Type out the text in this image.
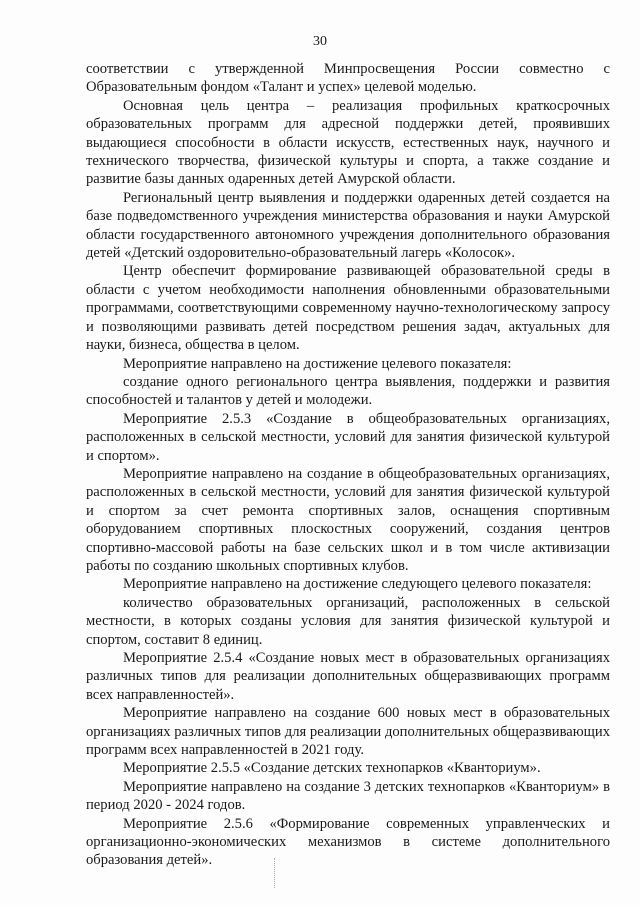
30

соответствии с утвержденной Минпросвещения России совместно с Образовательным фондом «Талант и успех» целевой моделью.

Основная цель центра – реализация профильных краткосрочных образовательных программ для адресной поддержки детей, проявивших выдающиеся способности в области искусств, естественных наук, научного и технического творчества, физической культуры и спорта, а также создание и развитие базы данных одаренных детей Амурской области.

Региональный центр выявления и поддержки одаренных детей создается на базе подведомственного учреждения министерства образования и науки Амурской области государственного автономного учреждения дополнительного образования детей «Детский оздоровительно-образовательный лагерь «Колосок».

Центр обеспечит формирование развивающей образовательной среды в области с учетом необходимости наполнения обновленными образовательными программами, соответствующими современному научно-технологическому запросу и позволяющими развивать детей посредством решения задач, актуальных для науки, бизнеса, общества в целом.

Мероприятие направлено на достижение целевого показателя:

создание одного регионального центра выявления, поддержки и развития способностей и талантов у детей и молодежи.

Мероприятие 2.5.3 «Создание в общеобразовательных организациях, расположенных в сельской местности, условий для занятия физической культурой и спортом».

Мероприятие направлено на создание в общеобразовательных организациях, расположенных в сельской местности, условий для занятия физической культурой и спортом за счет ремонта спортивных залов, оснащения спортивным оборудованием спортивных плоскостных сооружений, создания центров спортивно-массовой работы на базе сельских школ и в том числе активизации работы по созданию школьных спортивных клубов.

Мероприятие направлено на достижение следующего целевого показателя:

количество образовательных организаций, расположенных в сельской местности, в которых созданы условия для занятия физической культурой и спортом, составит 8 единиц.

Мероприятие 2.5.4 «Создание новых мест в образовательных организациях различных типов для реализации дополнительных общеразвивающих программ всех направленностей».

Мероприятие направлено на создание 600 новых мест в образовательных организациях различных типов для реализации дополнительных общеразвивающих программ всех направленностей в 2021 году.

Мероприятие 2.5.5 «Создание детских технопарков «Кванториум».

Мероприятие направлено на создание 3 детских технопарков «Кванториум» в период 2020 - 2024 годов.

Мероприятие 2.5.6 «Формирование современных управленческих и организационно-экономических механизмов в системе дополнительного образования детей».
